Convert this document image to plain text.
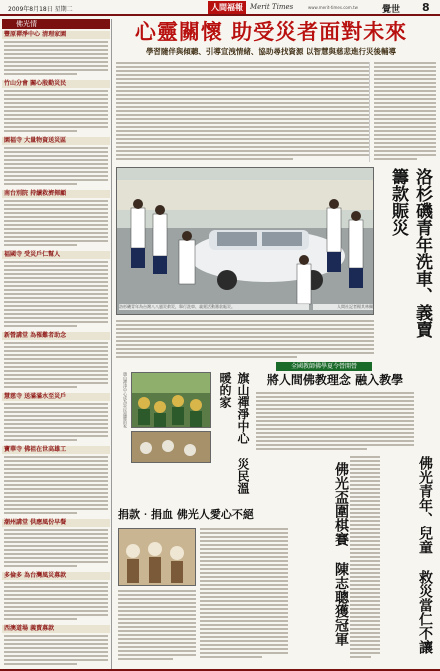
2009年8月18日 星期二	人間福報	Merit Times	www.merit-times.com.tw	覺世 8
佛光情
豐原禪淨中心 清理家園
竹山分會 關心殷勤災民
園福寺 大量物資送災區
南台別院 持續救濟揮顧
福國寺 受災戶仁幫人
新營講堂 為罹難者助念
慧慈寺 送滿滿水至災戶
寶華寺 佛祖在世高雄工
潮州講堂 供應風份早餐
多倫多 為台灣風災募款
西澳道場 義賣募款
心靈關懷 助受災者面對未來
學習隨伴與傾聽、引導宣洩情緒、協助尋找資源 以智慧與慈悲進行災後輔導
洛杉磯青年為台灣八八風災救災，舉行洗車、義賣活動籌款賑災。	人間社記者楊其林攝	洛杉磯青年洗車、義賣 籌款賑災
旗山禪淨中心成為災民溫暖的家	旗山禪淨中心 災民溫暖的家
全國教師佛學夏令營開營
將人間佛教理念 融入教學
捐款‧捐血 佛光人愛心不絕	佛光盃圍棋賽 陳志聰獲冠軍	佛光青年、兒童 救災當仁不讓
